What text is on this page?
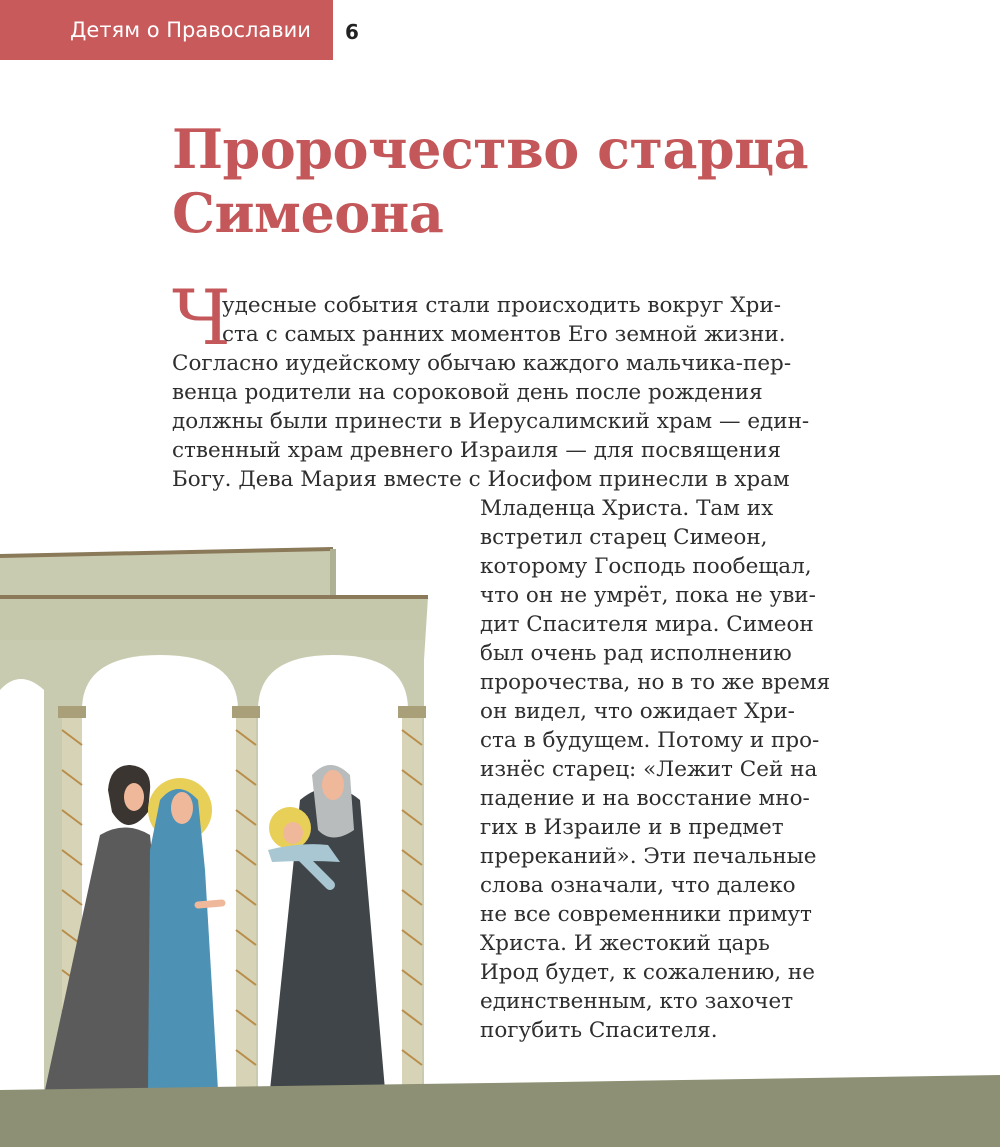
Детям о Православии 6
Пророчество старца
Симеона
Ч
удесные события стали происходить вокруг Хри-
ста с самых ранних моментов Его земной жизни.
Согласно иудейскому обычаю каждого мальчика-пер-
венца родители на сороковой день после рождения
должны были принести в Иерусалимский храм — един-
ственный храм древнего Израиля — для посвящения
Богу. Дева Мария вместе с Иосифом принесли в храм
Младенца Христа. Там их
встретил старец Симеон,
которому Господь пообещал,
что он не умрёт, пока не уви-
дит Спасителя мира. Симеон
был очень рад исполнению
пророчества, но в то же время
он видел, что ожидает Хри-
ста в будущем. Потому и про-
изнёс старец: «Лежит Сей на
падение и на восстание мно-
гих в Израиле и в предмет
пререканий». Эти печальные
слова означали, что далеко
не все современники примут
Христа. И жестокий царь
Ирод будет, к сожалению, не
единственным, кто захочет
погубить Спасителя.
